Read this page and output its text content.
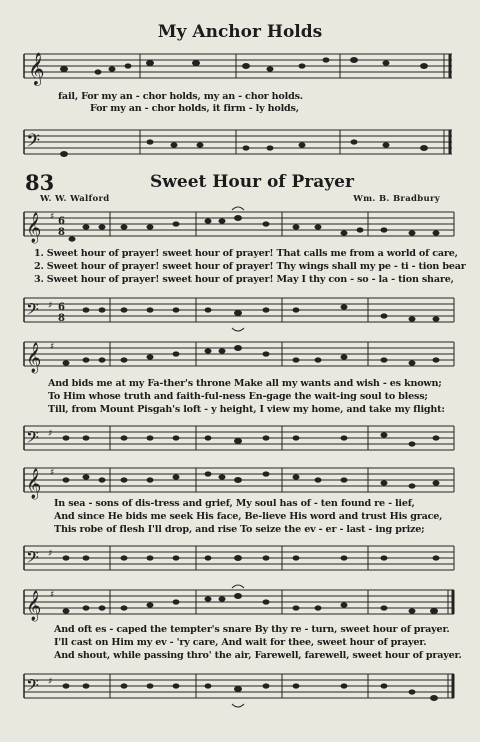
My Anchor Holds
𝄞
fail, For my an - chor holds, my an - chor holds.
For my an - chor holds, it firm - ly holds,
𝄢
83	Sweet Hour of Prayer
W. W. Walford	Wm. B. Bradbury
𝄞 ♯ 6
8
1. Sweet hour of prayer! sweet hour of prayer! That calls me from a world of care,
2. Sweet hour of prayer! sweet hour of prayer! Thy wings shall my pe - ti - tion bear
3. Sweet hour of prayer! sweet hour of prayer! May I thy con - so - la - tion share,
𝄢 ♯ 6
8
𝄞 ♯
And bids me at my Fa-ther's throne Make all my wants and wish - es known;
To Him whose truth and faith-ful-ness En-gage the wait-ing soul to bless;
Till, from Mount Pisgah's loft - y height, I view my home, and take my flight:
𝄢 ♯
𝄞 ♯
In sea - sons of dis-tress and grief, My soul has of - ten found re - lief,
And since He bids me seek His face, Be-lieve His word and trust His grace,
This robe of flesh I'll drop, and rise To seize the ev - er - last - ing prize;
𝄢 ♯
𝄞 ♯
And oft es - caped the tempter's snare By thy re - turn, sweet hour of prayer.
I'll cast on Him my ev - 'ry care, And wait for thee, sweet hour of prayer.
And shout, while passing thro' the air, Farewell, farewell, sweet hour of prayer.
𝄢 ♯
